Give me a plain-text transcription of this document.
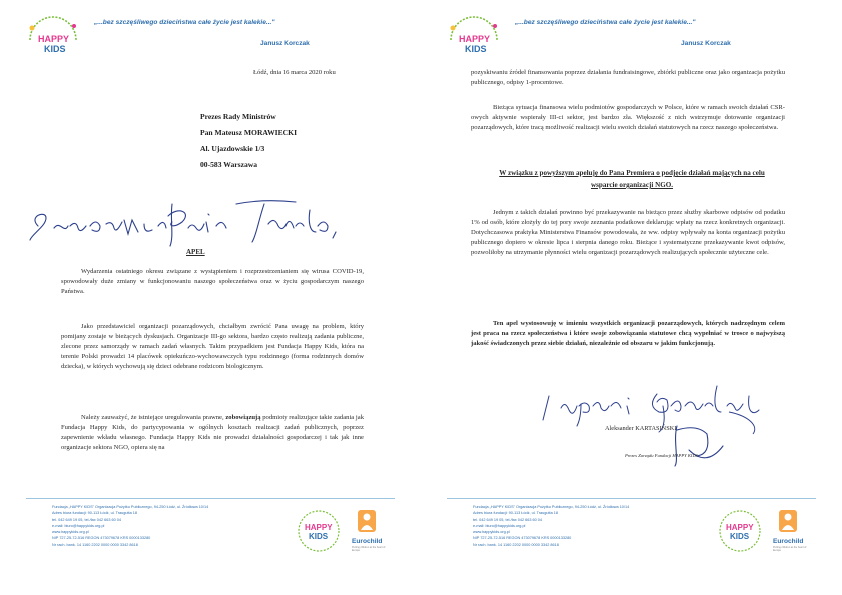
HAPPY
KIDS
„...bez szczęśliwego dzieciństwa całe życie jest kalekie..."
Janusz Korczak
Łódź, dnia 16 marca 2020 roku
Prezes Rady Ministrów
Pan Mateusz MORAWIECKI
Al. Ujazdowskie 1/3
00-583 Warszawa
APEL

Wydarzenia ostatniego okresu związane z wystąpieniem i rozprzestrzenianiem się wirusa COVID-19, spowodowały duże zmiany w funkcjonowaniu naszego społeczeństwa oraz w życiu gospodarczym naszego Państwa.

Jako przedstawiciel organizacji pozarządowych, chciałbym zwrócić Pana uwagę na problem, który pomijany zostaje w bieżących dyskusjach. Organizacje III-go sektora, bardzo często realizują zadania publiczne, zlecone przez samorządy w ramach zadań własnych. Takim przypadkiem jest Fundacja Happy Kids, która na terenie Polski prowadzi 14 placówek opiekuńczo-wychowawczych typu rodzinnego (forma rodzinnych domów dziecka), w których wychowują się dzieci odebrane rodzicom biologicznym.

Należy zauważyć, że istniejące uregulowania prawne, zobowiązują podmioty realizujące takie zadania jak Fundacja Happy Kids, do partycypowania w ogólnych kosztach realizacji zadań publicznych, poprzez zapewnienie wkładu własnego. Fundacja Happy Kids nie prowadzi działalności gospodarczej i tak jak inne organizacje sektora NGO, opiera się na

Fundacja „HAPPY KIDS" Organizacja Pożytku Publicznego, 94-250 Łódź, ul. Źródłowa 10/14
Adres biura fundacji: 90-113 Łódź, ul. Traugutta 18
tel. 042 649 19 05, tel./fax 042 663 60 04
e-mail: biuro@happykids.org.pl
www.happykids.org.pl
NIP 727-25-72-516 REGON 473079678 KRS 0000133280
Nr rach. bank. 14 1160 2202 0000 0000 3342 8618
HAPPY
KIDS
Eurochild
Putting children at the heart of Europe
HAPPY
KIDS
„...bez szczęśliwego dzieciństwa całe życie jest kalekie..."
Janusz Korczak

pozyskiwaniu źródeł finansowania poprzez działania fundraisingowe, zbiórki publiczne oraz jako organizacja pożytku publicznego, odpisy 1-procentowe.

Bieżąca sytuacja finansowa wielu podmiotów gospodarczych w Polsce, które w ramach swoich działań CSR-owych aktywnie wspierały III-ci sektor, jest bardzo zła. Większość z nich wstrzymuje dotowanie organizacji pozarządowych, które tracą możliwość realizacji wielu swoich działań statutowych na rzecz naszego społeczeństwa.

W związku z powyższym apeluję do Pana Premiera o podjęcie działań mających na celu wsparcie organizacji NGO.

Jednym z takich działań powinno być przekazywanie na bieżąco przez służby skarbowe odpisów od podatku 1% od osób, które złożyły do tej pory swoje zeznania podatkowe deklarując wpłaty na rzecz konkretnych organizacji. Dotychczasowa praktyka Ministerstwa Finansów powodowała, że ww. odpisy wpływały na konta organizacji pożytku publicznego dopiero w okresie lipca i sierpnia danego roku. Bieżące i systematyczne przekazywanie kwot odpisów, pozwoliłoby na utrzymanie płynności wielu organizacji pozarządowych realizujących społecznie użyteczne cele.

Ten apel wystosowuję w imieniu wszystkich organizacji pozarządowych, których nadrzędnym celem jest praca na rzecz społeczeństwa i które swoje zobowiązania statutowe chcą wypełniać w trosce o najwyższą jakość świadczonych przez siebie działań, niezależnie od obszaru w jakim funkcjonują.

Aleksander KARTASIŃSKI
Prezes Zarządu Fundacji HAPPY KIDS
Fundacja „HAPPY KIDS" Organizacja Pożytku Publicznego, 94-250 Łódź, ul. Źródłowa 10/14
Adres biura fundacji: 90-113 Łódź, ul. Traugutta 18
tel. 042 649 19 05, tel./fax 042 663 60 04
e-mail: biuro@happykids.org.pl
www.happykids.org.pl
NIP 727-25-72-516 REGON 473079678 KRS 0000133280
Nr rach. bank. 14 1160 2202 0000 0000 3342 8618
HAPPY
KIDS
Eurochild
Putting children at the heart of Europe
